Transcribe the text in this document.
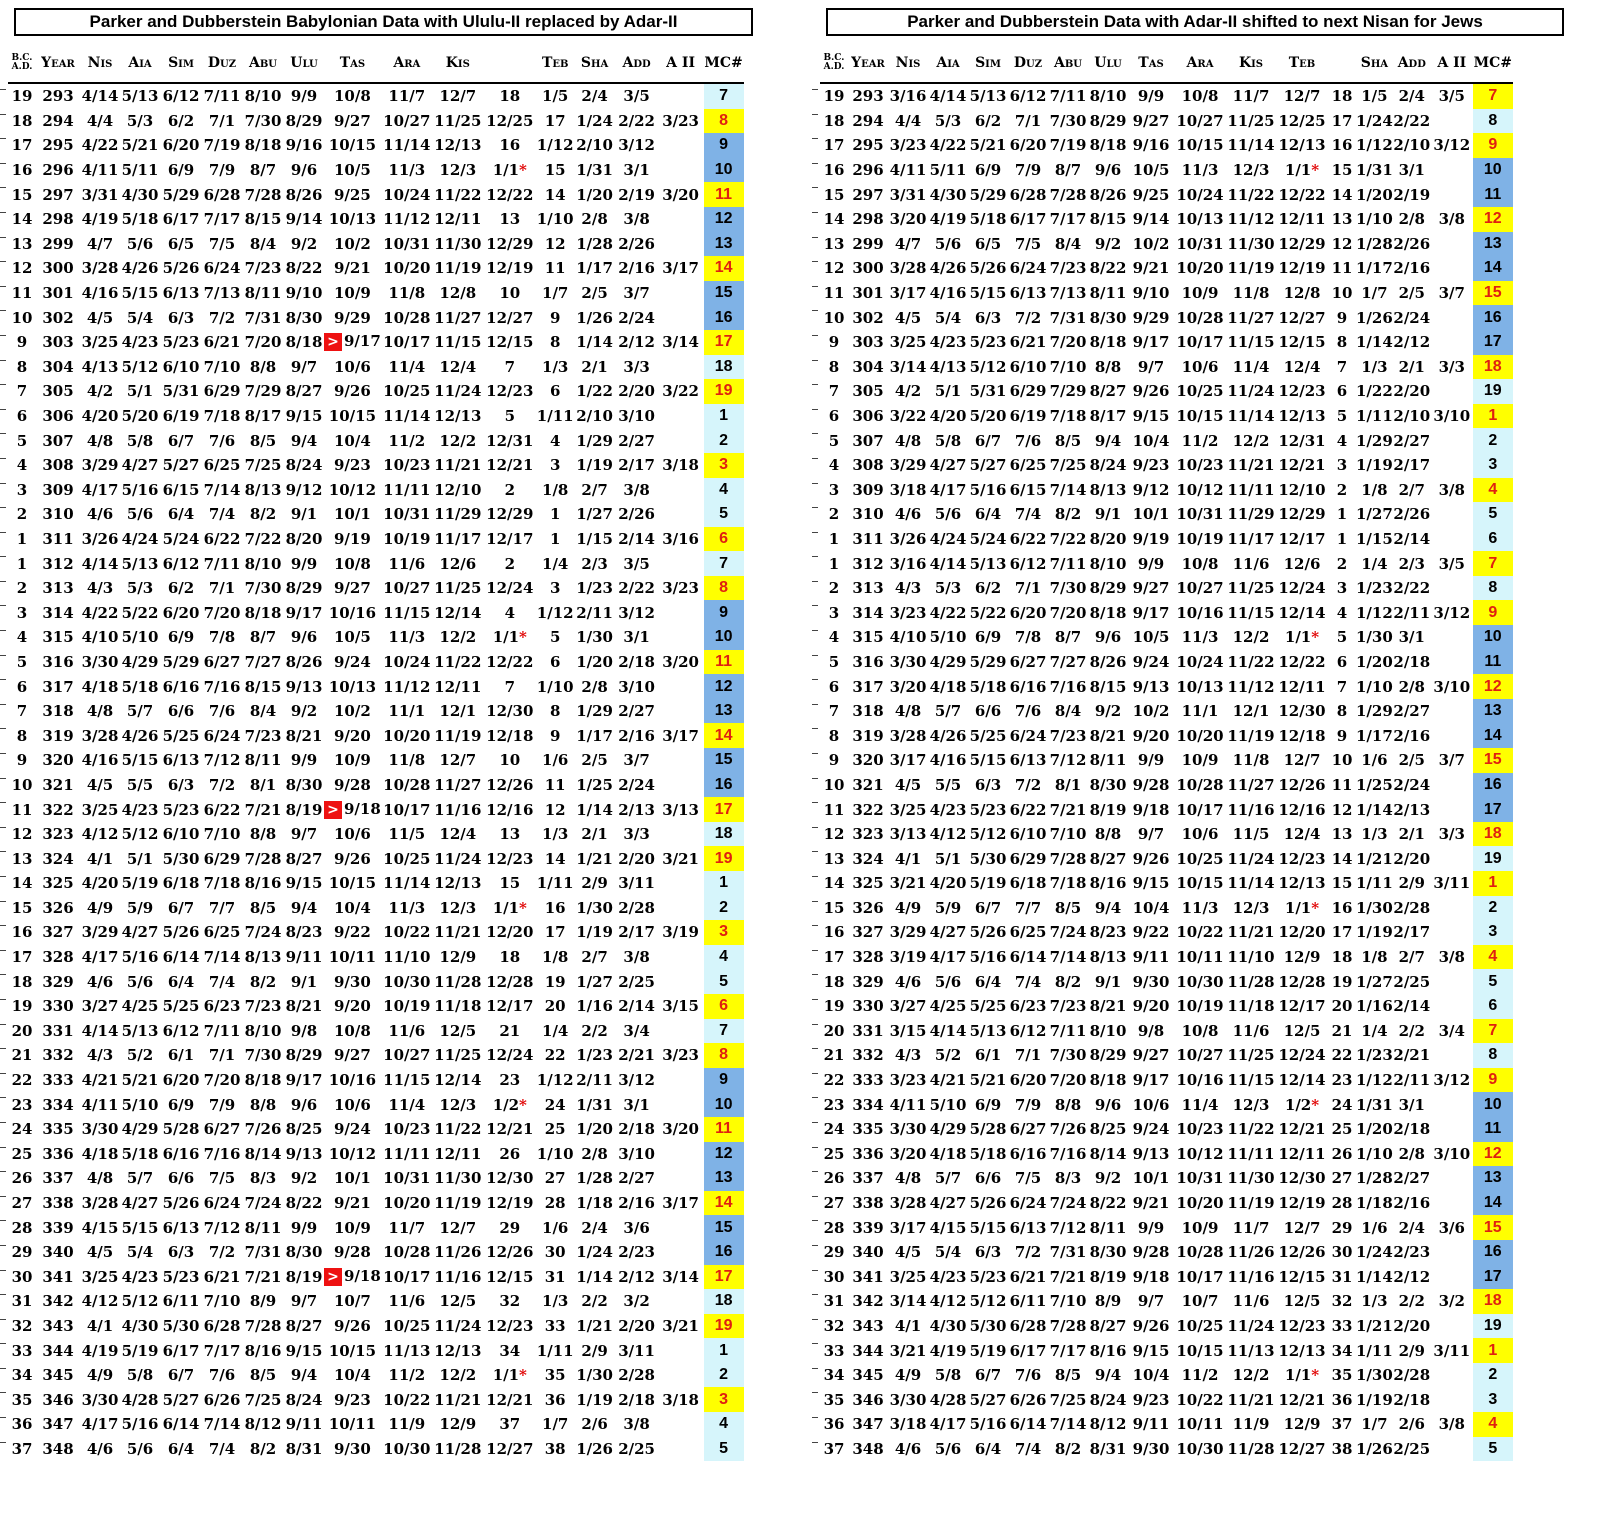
Parker and Dubberstein Babylonian Data with Ululu-II replaced by Adar-II
B.C.
A.D.	Year	Nis	Aia	Sim	Duz	Abu	Ulu	Tas	Ara	Kis		Teb	Sha	Add	A II	MC#
19	293	4/14	5/13	6/12	7/11	8/10	9/9	10/8	11/7	12/7	18	1/5	2/4	3/5		7
18	294	4/4	5/3	6/2	7/1	7/30	8/29	9/27	10/27	11/25	12/25	17	1/24	2/22	3/23	8
17	295	4/22	5/21	6/20	7/19	8/18	9/16	10/15	11/14	12/13	16	1/12	2/10	3/12		9
16	296	4/11	5/11	6/9	7/9	8/7	9/6	10/5	11/3	12/3	1/1*	15	1/31	3/1		10
15	297	3/31	4/30	5/29	6/28	7/28	8/26	9/25	10/24	11/22	12/22	14	1/20	2/19	3/20	11
14	298	4/19	5/18	6/17	7/17	8/15	9/14	10/13	11/12	12/11	13	1/10	2/8	3/8		12
13	299	4/7	5/6	6/5	7/5	8/4	9/2	10/2	10/31	11/30	12/29	12	1/28	2/26		13
12	300	3/28	4/26	5/26	6/24	7/23	8/22	9/21	10/20	11/19	12/19	11	1/17	2/16	3/17	14
11	301	4/16	5/15	6/13	7/13	8/11	9/10	10/9	11/8	12/8	10	1/7	2/5	3/7		15
10	302	4/5	5/4	6/3	7/2	7/31	8/30	9/29	10/28	11/27	12/27	9	1/26	2/24		16
9	303	3/25	4/23	5/23	6/21	7/20	8/18	> 9/17	10/17	11/15	12/15	8	1/14	2/12	3/14	17
8	304	4/13	5/12	6/10	7/10	8/8	9/7	10/6	11/4	12/4	7	1/3	2/1	3/3		18
7	305	4/2	5/1	5/31	6/29	7/29	8/27	9/26	10/25	11/24	12/23	6	1/22	2/20	3/22	19
6	306	4/20	5/20	6/19	7/18	8/17	9/15	10/15	11/14	12/13	5	1/11	2/10	3/10		1
5	307	4/8	5/8	6/7	7/6	8/5	9/4	10/4	11/2	12/2	12/31	4	1/29	2/27		2
4	308	3/29	4/27	5/27	6/25	7/25	8/24	9/23	10/23	11/21	12/21	3	1/19	2/17	3/18	3
3	309	4/17	5/16	6/15	7/14	8/13	9/12	10/12	11/11	12/10	2	1/8	2/7	3/8		4
2	310	4/6	5/6	6/4	7/4	8/2	9/1	10/1	10/31	11/29	12/29	1	1/27	2/26		5
1	311	3/26	4/24	5/24	6/22	7/22	8/20	9/19	10/19	11/17	12/17	1	1/15	2/14	3/16	6
1	312	4/14	5/13	6/12	7/11	8/10	9/9	10/8	11/6	12/6	2	1/4	2/3	3/5		7
2	313	4/3	5/3	6/2	7/1	7/30	8/29	9/27	10/27	11/25	12/24	3	1/23	2/22	3/23	8
3	314	4/22	5/22	6/20	7/20	8/18	9/17	10/16	11/15	12/14	4	1/12	2/11	3/12		9
4	315	4/10	5/10	6/9	7/8	8/7	9/6	10/5	11/3	12/2	1/1*	5	1/30	3/1		10
5	316	3/30	4/29	5/29	6/27	7/27	8/26	9/24	10/24	11/22	12/22	6	1/20	2/18	3/20	11
6	317	4/18	5/18	6/16	7/16	8/15	9/13	10/13	11/12	12/11	7	1/10	2/8	3/10		12
7	318	4/8	5/7	6/6	7/6	8/4	9/2	10/2	11/1	12/1	12/30	8	1/29	2/27		13
8	319	3/28	4/26	5/25	6/24	7/23	8/21	9/20	10/20	11/19	12/18	9	1/17	2/16	3/17	14
9	320	4/16	5/15	6/13	7/12	8/11	9/9	10/9	11/8	12/7	10	1/6	2/5	3/7		15
10	321	4/5	5/5	6/3	7/2	8/1	8/30	9/28	10/28	11/27	12/26	11	1/25	2/24		16
11	322	3/25	4/23	5/23	6/22	7/21	8/19	> 9/18	10/17	11/16	12/16	12	1/14	2/13	3/13	17
12	323	4/12	5/12	6/10	7/10	8/8	9/7	10/6	11/5	12/4	13	1/3	2/1	3/3		18
13	324	4/1	5/1	5/30	6/29	7/28	8/27	9/26	10/25	11/24	12/23	14	1/21	2/20	3/21	19
14	325	4/20	5/19	6/18	7/18	8/16	9/15	10/15	11/14	12/13	15	1/11	2/9	3/11		1
15	326	4/9	5/9	6/7	7/7	8/5	9/4	10/4	11/3	12/3	1/1*	16	1/30	2/28		2
16	327	3/29	4/27	5/26	6/25	7/24	8/23	9/22	10/22	11/21	12/20	17	1/19	2/17	3/19	3
17	328	4/17	5/16	6/14	7/14	8/13	9/11	10/11	11/10	12/9	18	1/8	2/7	3/8		4
18	329	4/6	5/6	6/4	7/4	8/2	9/1	9/30	10/30	11/28	12/28	19	1/27	2/25		5
19	330	3/27	4/25	5/25	6/23	7/23	8/21	9/20	10/19	11/18	12/17	20	1/16	2/14	3/15	6
20	331	4/14	5/13	6/12	7/11	8/10	9/8	10/8	11/6	12/5	21	1/4	2/2	3/4		7
21	332	4/3	5/2	6/1	7/1	7/30	8/29	9/27	10/27	11/25	12/24	22	1/23	2/21	3/23	8
22	333	4/21	5/21	6/20	7/20	8/18	9/17	10/16	11/15	12/14	23	1/12	2/11	3/12		9
23	334	4/11	5/10	6/9	7/9	8/8	9/6	10/6	11/4	12/3	1/2*	24	1/31	3/1		10
24	335	3/30	4/29	5/28	6/27	7/26	8/25	9/24	10/23	11/22	12/21	25	1/20	2/18	3/20	11
25	336	4/18	5/18	6/16	7/16	8/14	9/13	10/12	11/11	12/11	26	1/10	2/8	3/10		12
26	337	4/8	5/7	6/6	7/5	8/3	9/2	10/1	10/31	11/30	12/30	27	1/28	2/27		13
27	338	3/28	4/27	5/26	6/24	7/24	8/22	9/21	10/20	11/19	12/19	28	1/18	2/16	3/17	14
28	339	4/15	5/15	6/13	7/12	8/11	9/9	10/9	11/7	12/7	29	1/6	2/4	3/6		15
29	340	4/5	5/4	6/3	7/2	7/31	8/30	9/28	10/28	11/26	12/26	30	1/24	2/23		16
30	341	3/25	4/23	5/23	6/21	7/21	8/19	> 9/18	10/17	11/16	12/15	31	1/14	2/12	3/14	17
31	342	4/12	5/12	6/11	7/10	8/9	9/7	10/7	11/6	12/5	32	1/3	2/2	3/2		18
32	343	4/1	4/30	5/30	6/28	7/28	8/27	9/26	10/25	11/24	12/23	33	1/21	2/20	3/21	19
33	344	4/19	5/19	6/17	7/17	8/16	9/15	10/15	11/13	12/13	34	1/11	2/9	3/11		1
34	345	4/9	5/8	6/7	7/6	8/5	9/4	10/4	11/2	12/2	1/1*	35	1/30	2/28		2
35	346	3/30	4/28	5/27	6/26	7/25	8/24	9/23	10/22	11/21	12/21	36	1/19	2/18	3/18	3
36	347	4/17	5/16	6/14	7/14	8/12	9/11	10/11	11/9	12/9	37	1/7	2/6	3/8		4
37	348	4/6	5/6	6/4	7/4	8/2	8/31	9/30	10/30	11/28	12/27	38	1/26	2/25		5
Parker and Dubberstein Data with Adar-II shifted to next Nisan for Jews
B.C.
A.D.	Year	Nis	Aia	Sim	Duz	Abu	Ulu	Tas	Ara	Kis	Teb		Sha	Add	A II	MC#
19	293	3/16	4/14	5/13	6/12	7/11	8/10	9/9	10/8	11/7	12/7	18	1/5	2/4	3/5	7
18	294	4/4	5/3	6/2	7/1	7/30	8/29	9/27	10/27	11/25	12/25	17	1/24	2/22		8
17	295	3/23	4/22	5/21	6/20	7/19	8/18	9/16	10/15	11/14	12/13	16	1/12	2/10	3/12	9
16	296	4/11	5/11	6/9	7/9	8/7	9/6	10/5	11/3	12/3	1/1*	15	1/31	3/1		10
15	297	3/31	4/30	5/29	6/28	7/28	8/26	9/25	10/24	11/22	12/22	14	1/20	2/19		11
14	298	3/20	4/19	5/18	6/17	7/17	8/15	9/14	10/13	11/12	12/11	13	1/10	2/8	3/8	12
13	299	4/7	5/6	6/5	7/5	8/4	9/2	10/2	10/31	11/30	12/29	12	1/28	2/26		13
12	300	3/28	4/26	5/26	6/24	7/23	8/22	9/21	10/20	11/19	12/19	11	1/17	2/16		14
11	301	3/17	4/16	5/15	6/13	7/13	8/11	9/10	10/9	11/8	12/8	10	1/7	2/5	3/7	15
10	302	4/5	5/4	6/3	7/2	7/31	8/30	9/29	10/28	11/27	12/27	9	1/26	2/24		16
9	303	3/25	4/23	5/23	6/21	7/20	8/18	9/17	10/17	11/15	12/15	8	1/14	2/12		17
8	304	3/14	4/13	5/12	6/10	7/10	8/8	9/7	10/6	11/4	12/4	7	1/3	2/1	3/3	18
7	305	4/2	5/1	5/31	6/29	7/29	8/27	9/26	10/25	11/24	12/23	6	1/22	2/20		19
6	306	3/22	4/20	5/20	6/19	7/18	8/17	9/15	10/15	11/14	12/13	5	1/11	2/10	3/10	1
5	307	4/8	5/8	6/7	7/6	8/5	9/4	10/4	11/2	12/2	12/31	4	1/29	2/27		2
4	308	3/29	4/27	5/27	6/25	7/25	8/24	9/23	10/23	11/21	12/21	3	1/19	2/17		3
3	309	3/18	4/17	5/16	6/15	7/14	8/13	9/12	10/12	11/11	12/10	2	1/8	2/7	3/8	4
2	310	4/6	5/6	6/4	7/4	8/2	9/1	10/1	10/31	11/29	12/29	1	1/27	2/26		5
1	311	3/26	4/24	5/24	6/22	7/22	8/20	9/19	10/19	11/17	12/17	1	1/15	2/14		6
1	312	3/16	4/14	5/13	6/12	7/11	8/10	9/9	10/8	11/6	12/6	2	1/4	2/3	3/5	7
2	313	4/3	5/3	6/2	7/1	7/30	8/29	9/27	10/27	11/25	12/24	3	1/23	2/22		8
3	314	3/23	4/22	5/22	6/20	7/20	8/18	9/17	10/16	11/15	12/14	4	1/12	2/11	3/12	9
4	315	4/10	5/10	6/9	7/8	8/7	9/6	10/5	11/3	12/2	1/1*	5	1/30	3/1		10
5	316	3/30	4/29	5/29	6/27	7/27	8/26	9/24	10/24	11/22	12/22	6	1/20	2/18		11
6	317	3/20	4/18	5/18	6/16	7/16	8/15	9/13	10/13	11/12	12/11	7	1/10	2/8	3/10	12
7	318	4/8	5/7	6/6	7/6	8/4	9/2	10/2	11/1	12/1	12/30	8	1/29	2/27		13
8	319	3/28	4/26	5/25	6/24	7/23	8/21	9/20	10/20	11/19	12/18	9	1/17	2/16		14
9	320	3/17	4/16	5/15	6/13	7/12	8/11	9/9	10/9	11/8	12/7	10	1/6	2/5	3/7	15
10	321	4/5	5/5	6/3	7/2	8/1	8/30	9/28	10/28	11/27	12/26	11	1/25	2/24		16
11	322	3/25	4/23	5/23	6/22	7/21	8/19	9/18	10/17	11/16	12/16	12	1/14	2/13		17
12	323	3/13	4/12	5/12	6/10	7/10	8/8	9/7	10/6	11/5	12/4	13	1/3	2/1	3/3	18
13	324	4/1	5/1	5/30	6/29	7/28	8/27	9/26	10/25	11/24	12/23	14	1/21	2/20		19
14	325	3/21	4/20	5/19	6/18	7/18	8/16	9/15	10/15	11/14	12/13	15	1/11	2/9	3/11	1
15	326	4/9	5/9	6/7	7/7	8/5	9/4	10/4	11/3	12/3	1/1*	16	1/30	2/28		2
16	327	3/29	4/27	5/26	6/25	7/24	8/23	9/22	10/22	11/21	12/20	17	1/19	2/17		3
17	328	3/19	4/17	5/16	6/14	7/14	8/13	9/11	10/11	11/10	12/9	18	1/8	2/7	3/8	4
18	329	4/6	5/6	6/4	7/4	8/2	9/1	9/30	10/30	11/28	12/28	19	1/27	2/25		5
19	330	3/27	4/25	5/25	6/23	7/23	8/21	9/20	10/19	11/18	12/17	20	1/16	2/14		6
20	331	3/15	4/14	5/13	6/12	7/11	8/10	9/8	10/8	11/6	12/5	21	1/4	2/2	3/4	7
21	332	4/3	5/2	6/1	7/1	7/30	8/29	9/27	10/27	11/25	12/24	22	1/23	2/21		8
22	333	3/23	4/21	5/21	6/20	7/20	8/18	9/17	10/16	11/15	12/14	23	1/12	2/11	3/12	9
23	334	4/11	5/10	6/9	7/9	8/8	9/6	10/6	11/4	12/3	1/2*	24	1/31	3/1		10
24	335	3/30	4/29	5/28	6/27	7/26	8/25	9/24	10/23	11/22	12/21	25	1/20	2/18		11
25	336	3/20	4/18	5/18	6/16	7/16	8/14	9/13	10/12	11/11	12/11	26	1/10	2/8	3/10	12
26	337	4/8	5/7	6/6	7/5	8/3	9/2	10/1	10/31	11/30	12/30	27	1/28	2/27		13
27	338	3/28	4/27	5/26	6/24	7/24	8/22	9/21	10/20	11/19	12/19	28	1/18	2/16		14
28	339	3/17	4/15	5/15	6/13	7/12	8/11	9/9	10/9	11/7	12/7	29	1/6	2/4	3/6	15
29	340	4/5	5/4	6/3	7/2	7/31	8/30	9/28	10/28	11/26	12/26	30	1/24	2/23		16
30	341	3/25	4/23	5/23	6/21	7/21	8/19	9/18	10/17	11/16	12/15	31	1/14	2/12		17
31	342	3/14	4/12	5/12	6/11	7/10	8/9	9/7	10/7	11/6	12/5	32	1/3	2/2	3/2	18
32	343	4/1	4/30	5/30	6/28	7/28	8/27	9/26	10/25	11/24	12/23	33	1/21	2/20		19
33	344	3/21	4/19	5/19	6/17	7/17	8/16	9/15	10/15	11/13	12/13	34	1/11	2/9	3/11	1
34	345	4/9	5/8	6/7	7/6	8/5	9/4	10/4	11/2	12/2	1/1*	35	1/30	2/28		2
35	346	3/30	4/28	5/27	6/26	7/25	8/24	9/23	10/22	11/21	12/21	36	1/19	2/18		3
36	347	3/18	4/17	5/16	6/14	7/14	8/12	9/11	10/11	11/9	12/9	37	1/7	2/6	3/8	4
37	348	4/6	5/6	6/4	7/4	8/2	8/31	9/30	10/30	11/28	12/27	38	1/26	2/25		5
